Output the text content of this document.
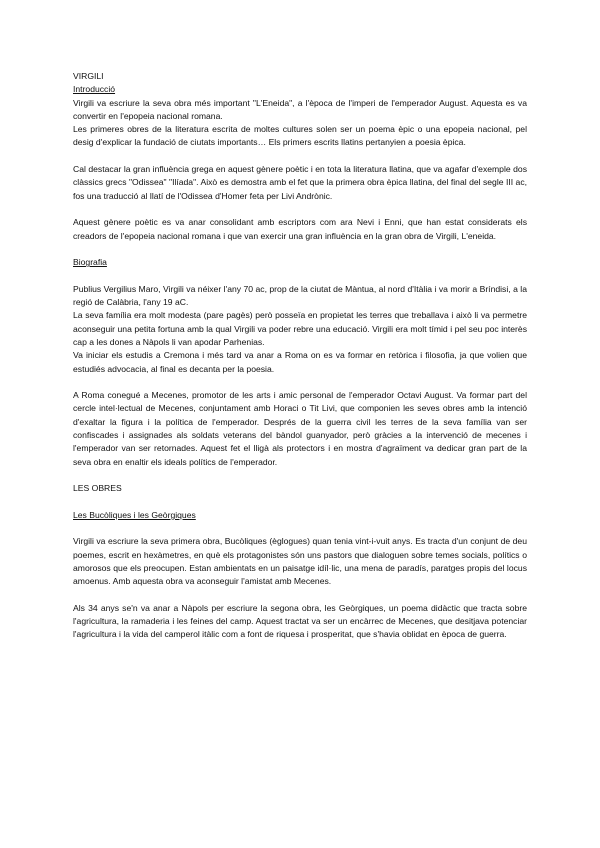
VIRGILI
Introducció

Virgili va escriure la seva obra més important "L'Eneida", a l'època de l'imperi de l'emperador August. Aquesta es va convertir en l'epopeia nacional romana.

Les primeres obres de la literatura escrita de moltes cultures solen ser un poema èpic o una epopeia nacional, pel desig d'explicar la fundació de ciutats importants… Els primers escrits llatins pertanyien a poesia èpica.

Cal destacar la gran influència grega en aquest gènere poètic i en tota la literatura llatina, que va agafar d'exemple dos clàssics grecs "Odissea" "Ilíada". Això es demostra amb el fet que la primera obra èpica llatina, del final del segle III ac, fos una traducció al llatí de l'Odissea d'Homer feta per Livi Andrònic.

Aquest gènere poètic es va anar consolidant amb escriptors com ara Nevi i Enni, que han estat considerats els creadors de l'epopeia nacional romana i que van exercir una gran influència en la gran obra de Virgili, L'eneida.

Biografia

Publius Vergilius Maro, Virgili va néixer l'any 70 ac, prop de la ciutat de Màntua, al nord d'Itàlia i va morir a Bríndisi, a la regió de Calàbria, l'any 19 aC.

La seva família era molt modesta (pare pagès) però posseïa en propietat les terres que treballava i això li va permetre aconseguir una petita fortuna amb la qual Virgili va poder rebre una educació. Virgili era molt tímid i pel seu poc interès cap a les dones a Nàpols li van apodar Parhenias.

Va iniciar els estudis a Cremona i més tard va anar a Roma on es va formar en retòrica i filosofia, ja que volien que estudiés advocacia, al final es decanta per la poesia.

A Roma conegué a Mecenes, promotor de les arts i amic personal de l'emperador Octavi August. Va formar part del cercle intel·lectual de Mecenes, conjuntament amb Horaci o Tit Livi, que componien les seves obres amb la intenció d'exaltar la figura i la política de l'emperador. Després de la guerra civil les terres de la seva família van ser confiscades i assignades als soldats veterans del bàndol guanyador, però gràcies a la intervenció de mecenes i l'emperador van ser retornades. Aquest fet el lligà als protectors i en mostra d'agraïment va dedicar gran part de la seva obra en enaltir els ideals polítics de l'emperador.

LES OBRES
Les Bucòliques i les Geòrgiques

Virgili va escriure la seva primera obra, Bucòliques (èglogues) quan tenia vint-i-vuit anys. Es tracta d'un conjunt de deu poemes, escrit en hexàmetres, en què els protagonistes són uns pastors que dialoguen sobre temes socials, polítics o amorosos que els preocupen. Estan ambientats en un paisatge idíl·lic, una mena de paradís, paratges propis del locus amoenus. Amb aquesta obra va aconseguir l'amistat amb Mecenes.

Als 34 anys se'n va anar a Nàpols per escriure la segona obra, les Geòrgiques, un poema didàctic que tracta sobre l'agricultura, la ramaderia i les feines del camp. Aquest tractat va ser un encàrrec de Mecenes, que desitjava potenciar l'agricultura i la vida del camperol itàlic com a font de riquesa i prosperitat, que s'havia oblidat en època de guerra.
